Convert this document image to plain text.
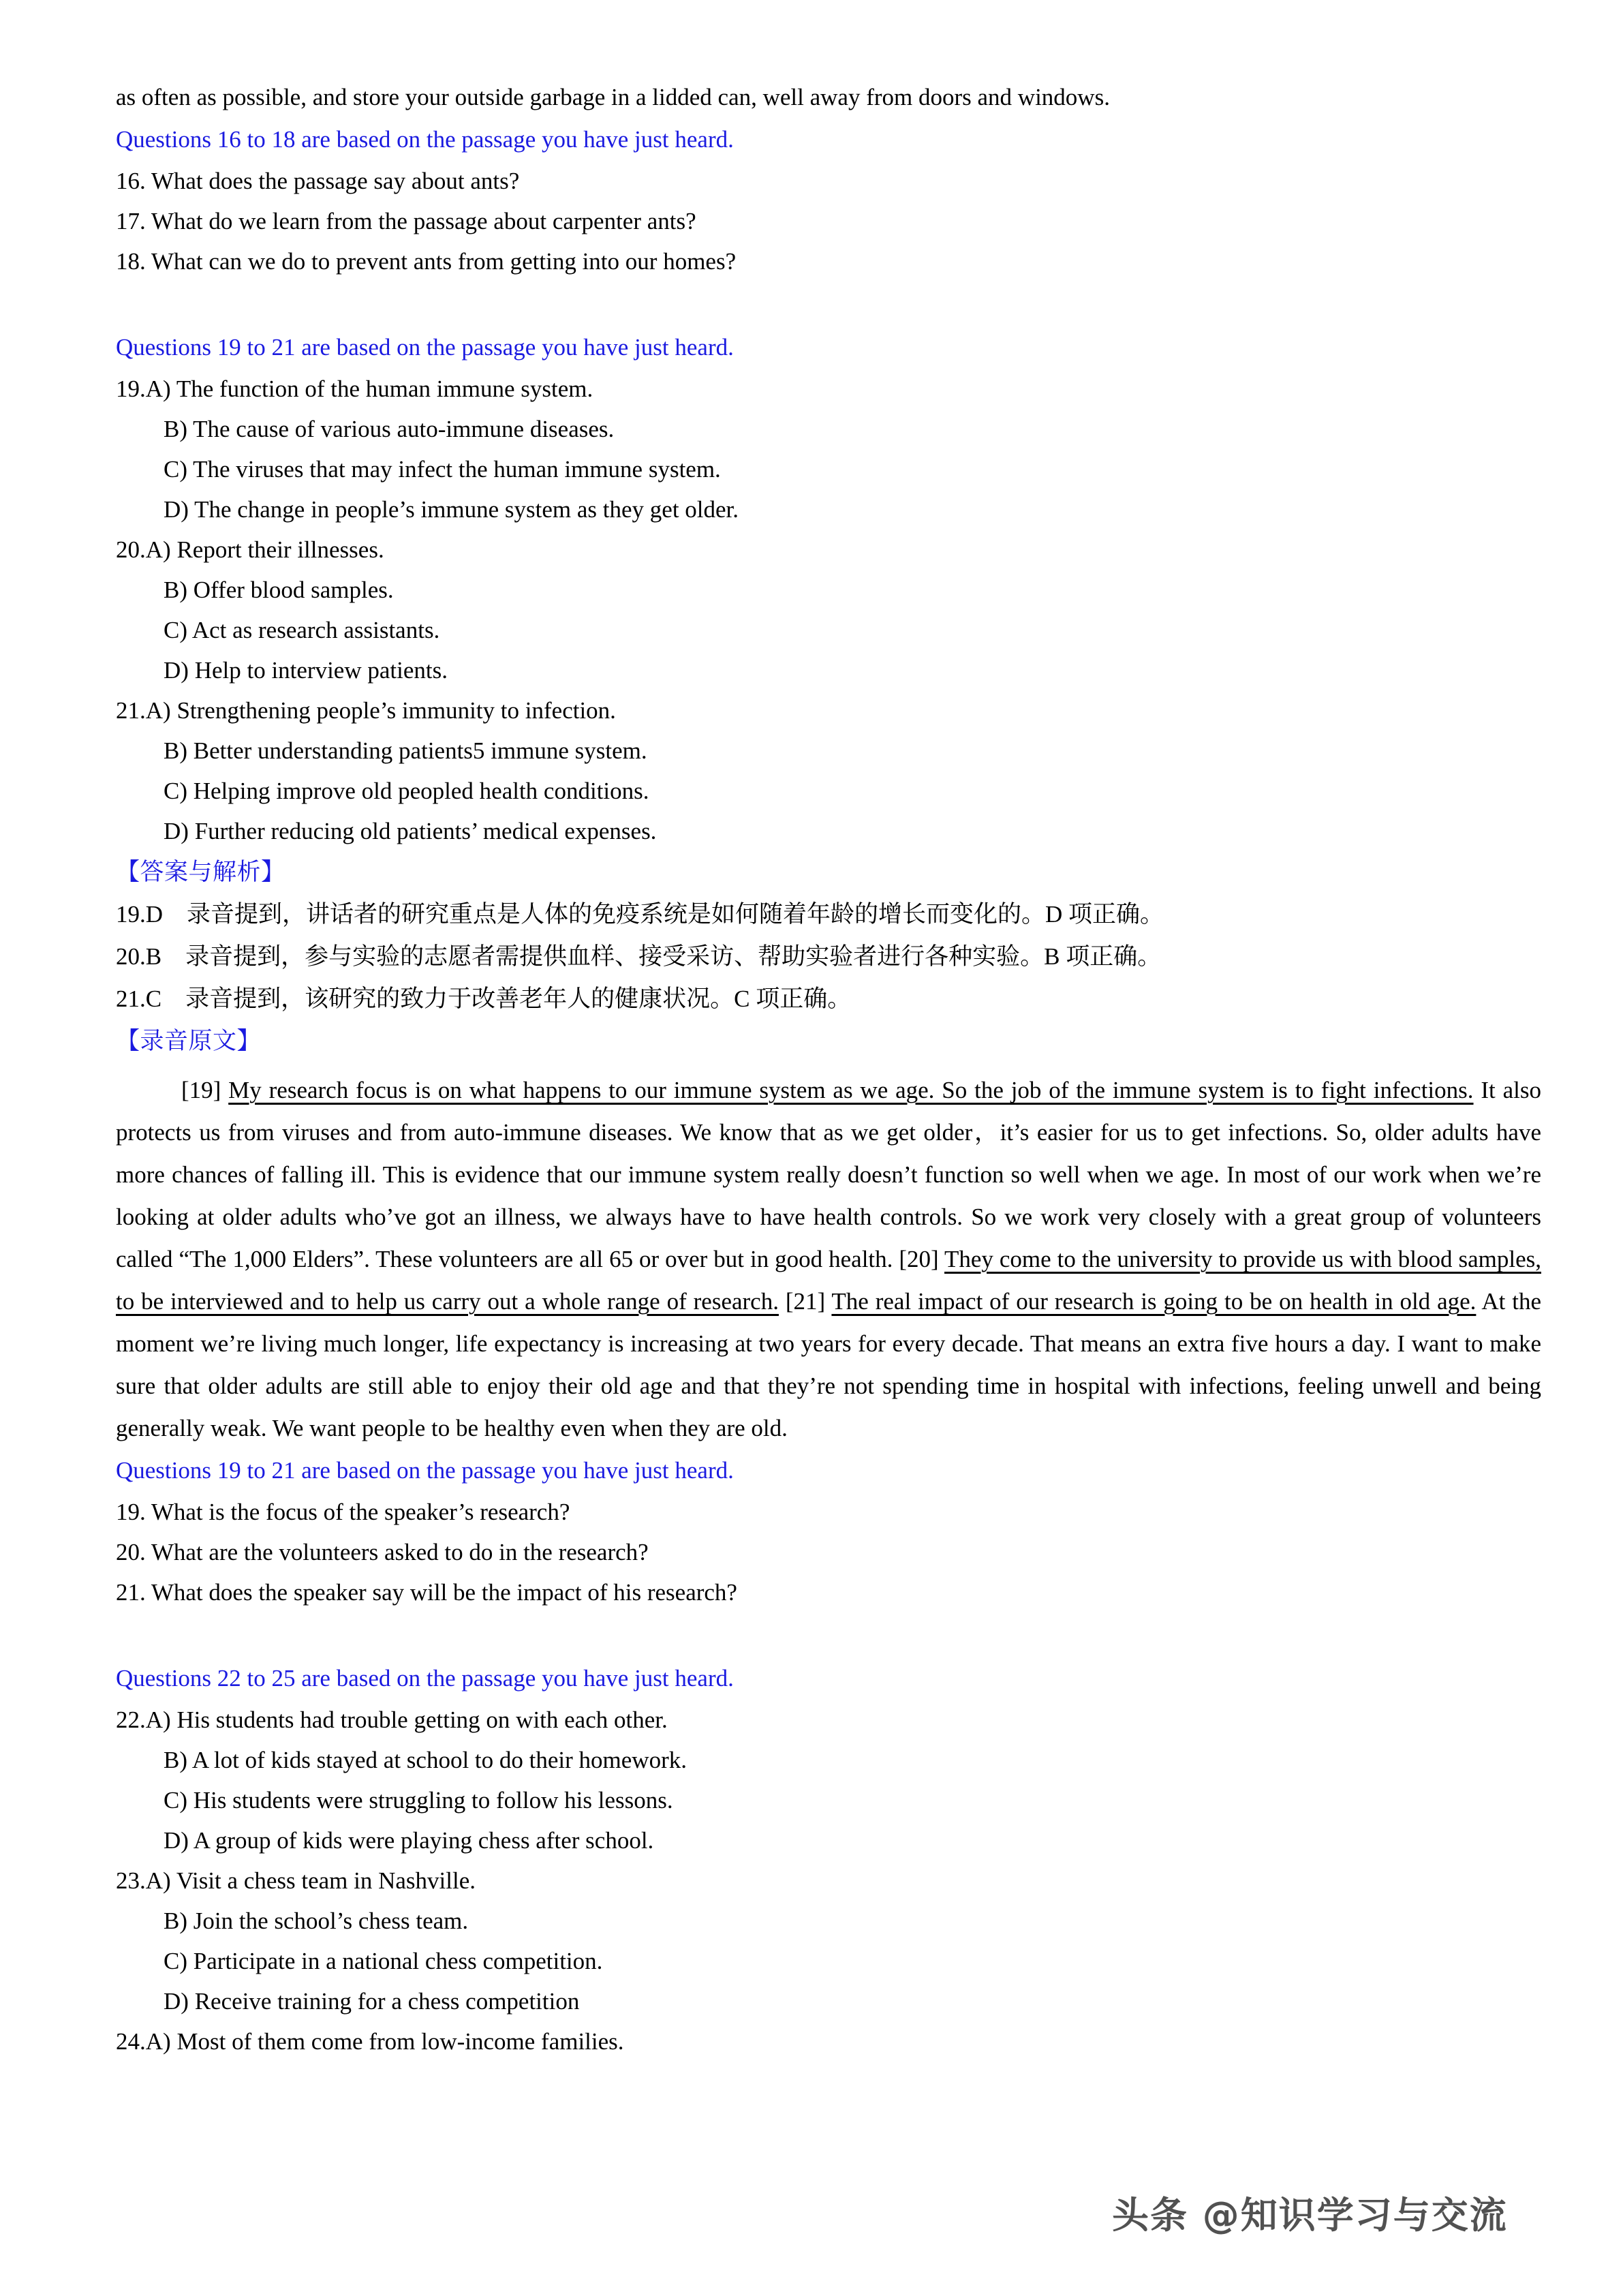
as often as possible, and store your outside garbage in a lidded can, well away from doors and windows.
Questions 16 to 18 are based on the passage you have just heard.
16. What does the passage say about ants?
17. What do we learn from the passage about carpenter ants?
18. What can we do to prevent ants from getting into our homes?
Questions 19 to 21 are based on the passage you have just heard.
19.A) The function of the human immune system.
B) The cause of various auto-immune diseases.
C) The viruses that may infect the human immune system.
D) The change in people’s immune system as they get older.
20.A) Report their illnesses.
B) Offer blood samples.
C) Act as research assistants.
D) Help to interview patients.
21.A) Strengthening people’s immunity to infection.
B) Better understanding patients5 immune system.
C) Helping improve old peopled health conditions.
D) Further reducing old patients’ medical expenses.
【答案与解析】
19.D　录音提到，讲话者的研究重点是人体的免疫系统是如何随着年龄的增长而变化的。D 项正确。
20.B　录音提到，参与实验的志愿者需提供血样、接受采访、帮助实验者进行各种实验。B 项正确。
21.C　录音提到，该研究的致力于改善老年人的健康状况。C 项正确。
【录音原文】
[19] My research focus is on what happens to our immune system as we age. So the job of the immune system is to fight infections. It also protects us from viruses and from auto-immune diseases. We know that as we get older，it’s easier for us to get infections. So, older adults have more chances of falling ill. This is evidence that our immune system really doesn’t function so well when we age. In most of our work when we’re looking at older adults who’ve got an illness, we always have to have health controls. So we work very closely with a great group of volunteers called “The 1,000 Elders”. These volunteers are all 65 or over but in good health. [20] They come to the university to provide us with blood samples, to be interviewed and to help us carry out a whole range of research. [21] The real impact of our research is going to be on health in old age. At the moment we’re living much longer, life expectancy is increasing at two years for every decade. That means an extra five hours a day. I want to make sure that older adults are still able to enjoy their old age and that they’re not spending time in hospital with infections, feeling unwell and being generally weak. We want people to be healthy even when they are old.
Questions 19 to 21 are based on the passage you have just heard.
19. What is the focus of the speaker’s research?
20. What are the volunteers asked to do in the research?
21. What does the speaker say will be the impact of his research?
Questions 22 to 25 are based on the passage you have just heard.
22.A) His students had trouble getting on with each other.
B) A lot of kids stayed at school to do their homework.
C) His students were struggling to follow his lessons.
D) A group of kids were playing chess after school.
23.A) Visit a chess team in Nashville.
B) Join the school’s chess team.
C) Participate in a national chess competition.
D) Receive training for a chess competition
24.A) Most of them come from low-income families.
头条 @知识学习与交流
